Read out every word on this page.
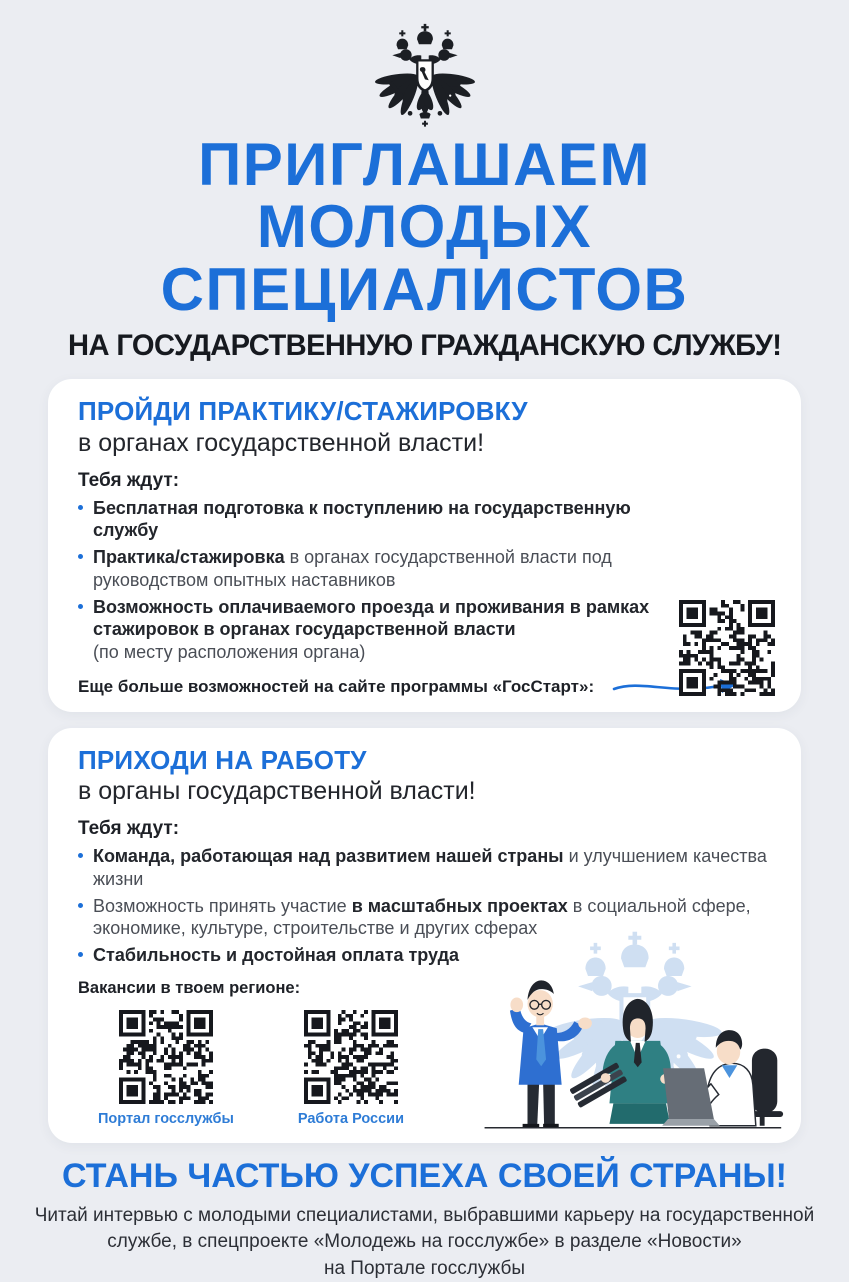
ПРИГЛАШАЕМ
МОЛОДЫХ
СПЕЦИАЛИСТОВ
НА ГОСУДАРСТВЕННУЮ ГРАЖДАНСКУЮ СЛУЖБУ!
ПРОЙДИ ПРАКТИКУ/СТАЖИРОВКУ
в органах государственной власти!
Тебя ждут:
Бесплатная подготовка к поступлению на государственную службу
Практика/стажировка в органах государственной власти под руководством опытных наставников
Возможность оплачиваемого проезда и проживания в рамках стажировок в органах государственной власти
(по месту расположения органа)
Еще больше возможностей на сайте программы «ГосСтарт»:
ПРИХОДИ НА РАБОТУ
в органы государственной власти!
Тебя ждут:
Команда, работающая над развитием нашей страны и улучшением качества жизни
Возможность принять участие в масштабных проектах в социальной сфере, экономике, культуре, строительстве и других сферах
Стабильность и достойная оплата труда
Вакансии в твоем регионе:
Портал госслужбы	Работа России
СТАНЬ ЧАСТЬЮ УСПЕХА СВОЕЙ СТРАНЫ!

Читай интервью с молодыми специалистами, выбравшими карьеру на государственной
службе, в спецпроекте «Молодежь на госслужбе» в разделе «Новости»
на Портале госслужбы
